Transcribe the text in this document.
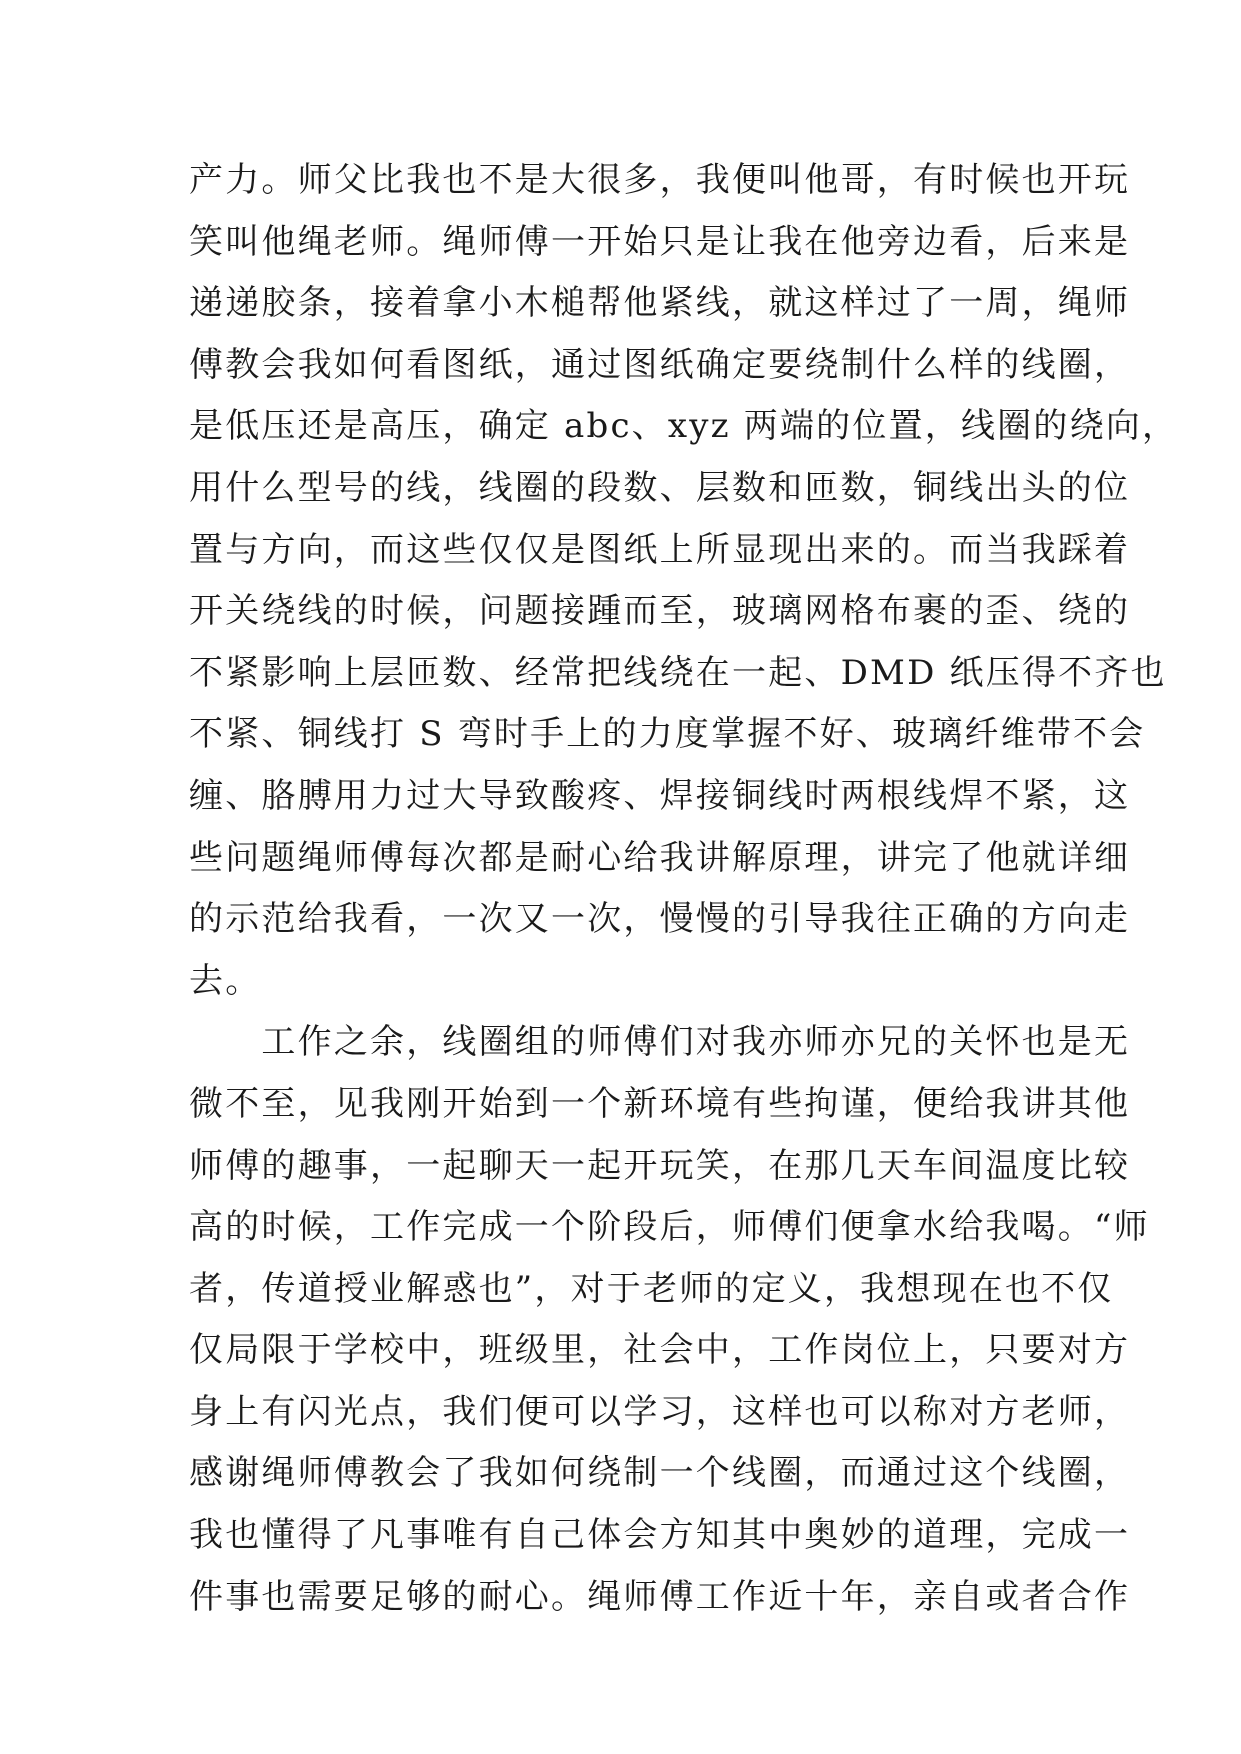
产力。师父比我也不是大很多，我便叫他哥，有时候也开玩
笑叫他绳老师。绳师傅一开始只是让我在他旁边看，后来是
递递胶条，接着拿小木槌帮他紧线，就这样过了一周，绳师
傅教会我如何看图纸，通过图纸确定要绕制什么样的线圈，
是低压还是高压，确定 abc、xyz 两端的位置，线圈的绕向，
用什么型号的线，线圈的段数、层数和匝数，铜线出头的位
置与方向，而这些仅仅是图纸上所显现出来的。而当我踩着
开关绕线的时候，问题接踵而至，玻璃网格布裹的歪、绕的
不紧影响上层匝数、经常把线绕在一起、DMD 纸压得不齐也
不紧、铜线打 S 弯时手上的力度掌握不好、玻璃纤维带不会
缠、胳膊用力过大导致酸疼、焊接铜线时两根线焊不紧，这
些问题绳师傅每次都是耐心给我讲解原理，讲完了他就详细
的示范给我看，一次又一次，慢慢的引导我往正确的方向走
去。
　　工作之余，线圈组的师傅们对我亦师亦兄的关怀也是无
微不至，见我刚开始到一个新环境有些拘谨，便给我讲其他
师傅的趣事，一起聊天一起开玩笑，在那几天车间温度比较
高的时候，工作完成一个阶段后，师傅们便拿水给我喝。“师
者，传道授业解惑也”，对于老师的定义，我想现在也不仅
仅局限于学校中，班级里，社会中，工作岗位上，只要对方
身上有闪光点，我们便可以学习，这样也可以称对方老师，
感谢绳师傅教会了我如何绕制一个线圈，而通过这个线圈，
我也懂得了凡事唯有自己体会方知其中奥妙的道理，完成一
件事也需要足够的耐心。绳师傅工作近十年，亲自或者合作
